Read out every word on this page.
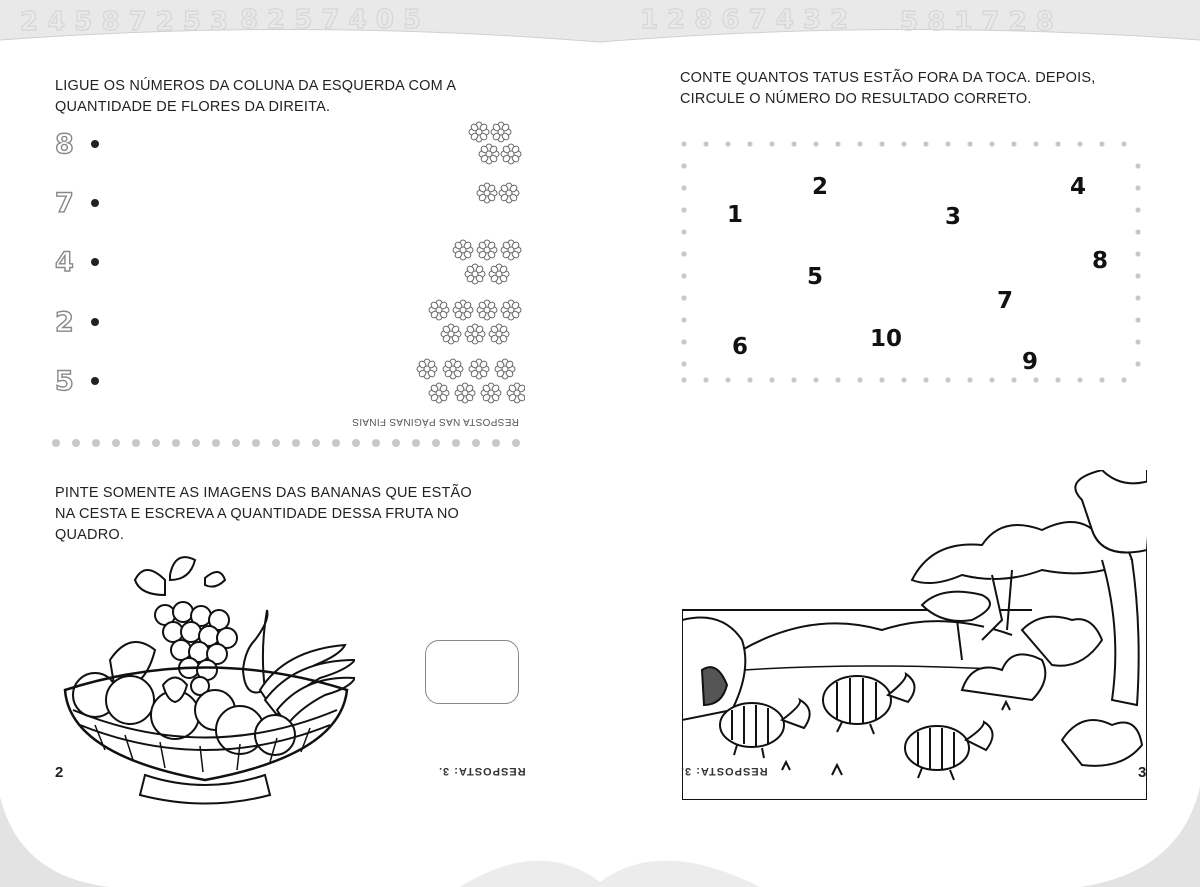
2 4 5 8 7 2 5 3 8 2 5 7 4 0 5	1 2 8 6 7 4 3 2 5 8 1 7 2 8
LIGUE OS NÚMEROS DA COLUNA DA ESQUERDA COM A
QUANTIDADE DE FLORES DA DIREITA.
8
7
4
2
5
RESPOSTA NAS PÁGINAS FINAIS
PINTE SOMENTE AS IMAGENS DAS BANANAS QUE ESTÃO
NA CESTA E ESCREVA A QUANTIDADE DESSA FRUTA NO
QUADRO.
2	RESPOSTA: 3.
CONTE QUANTOS TATUS ESTÃO FORA DA TOCA. DEPOIS,
CIRCULE O NÚMERO DO RESULTADO CORRETO.
1
2
3
4
5
6
7
8
9
10
RESPOSTA: 3.	3
